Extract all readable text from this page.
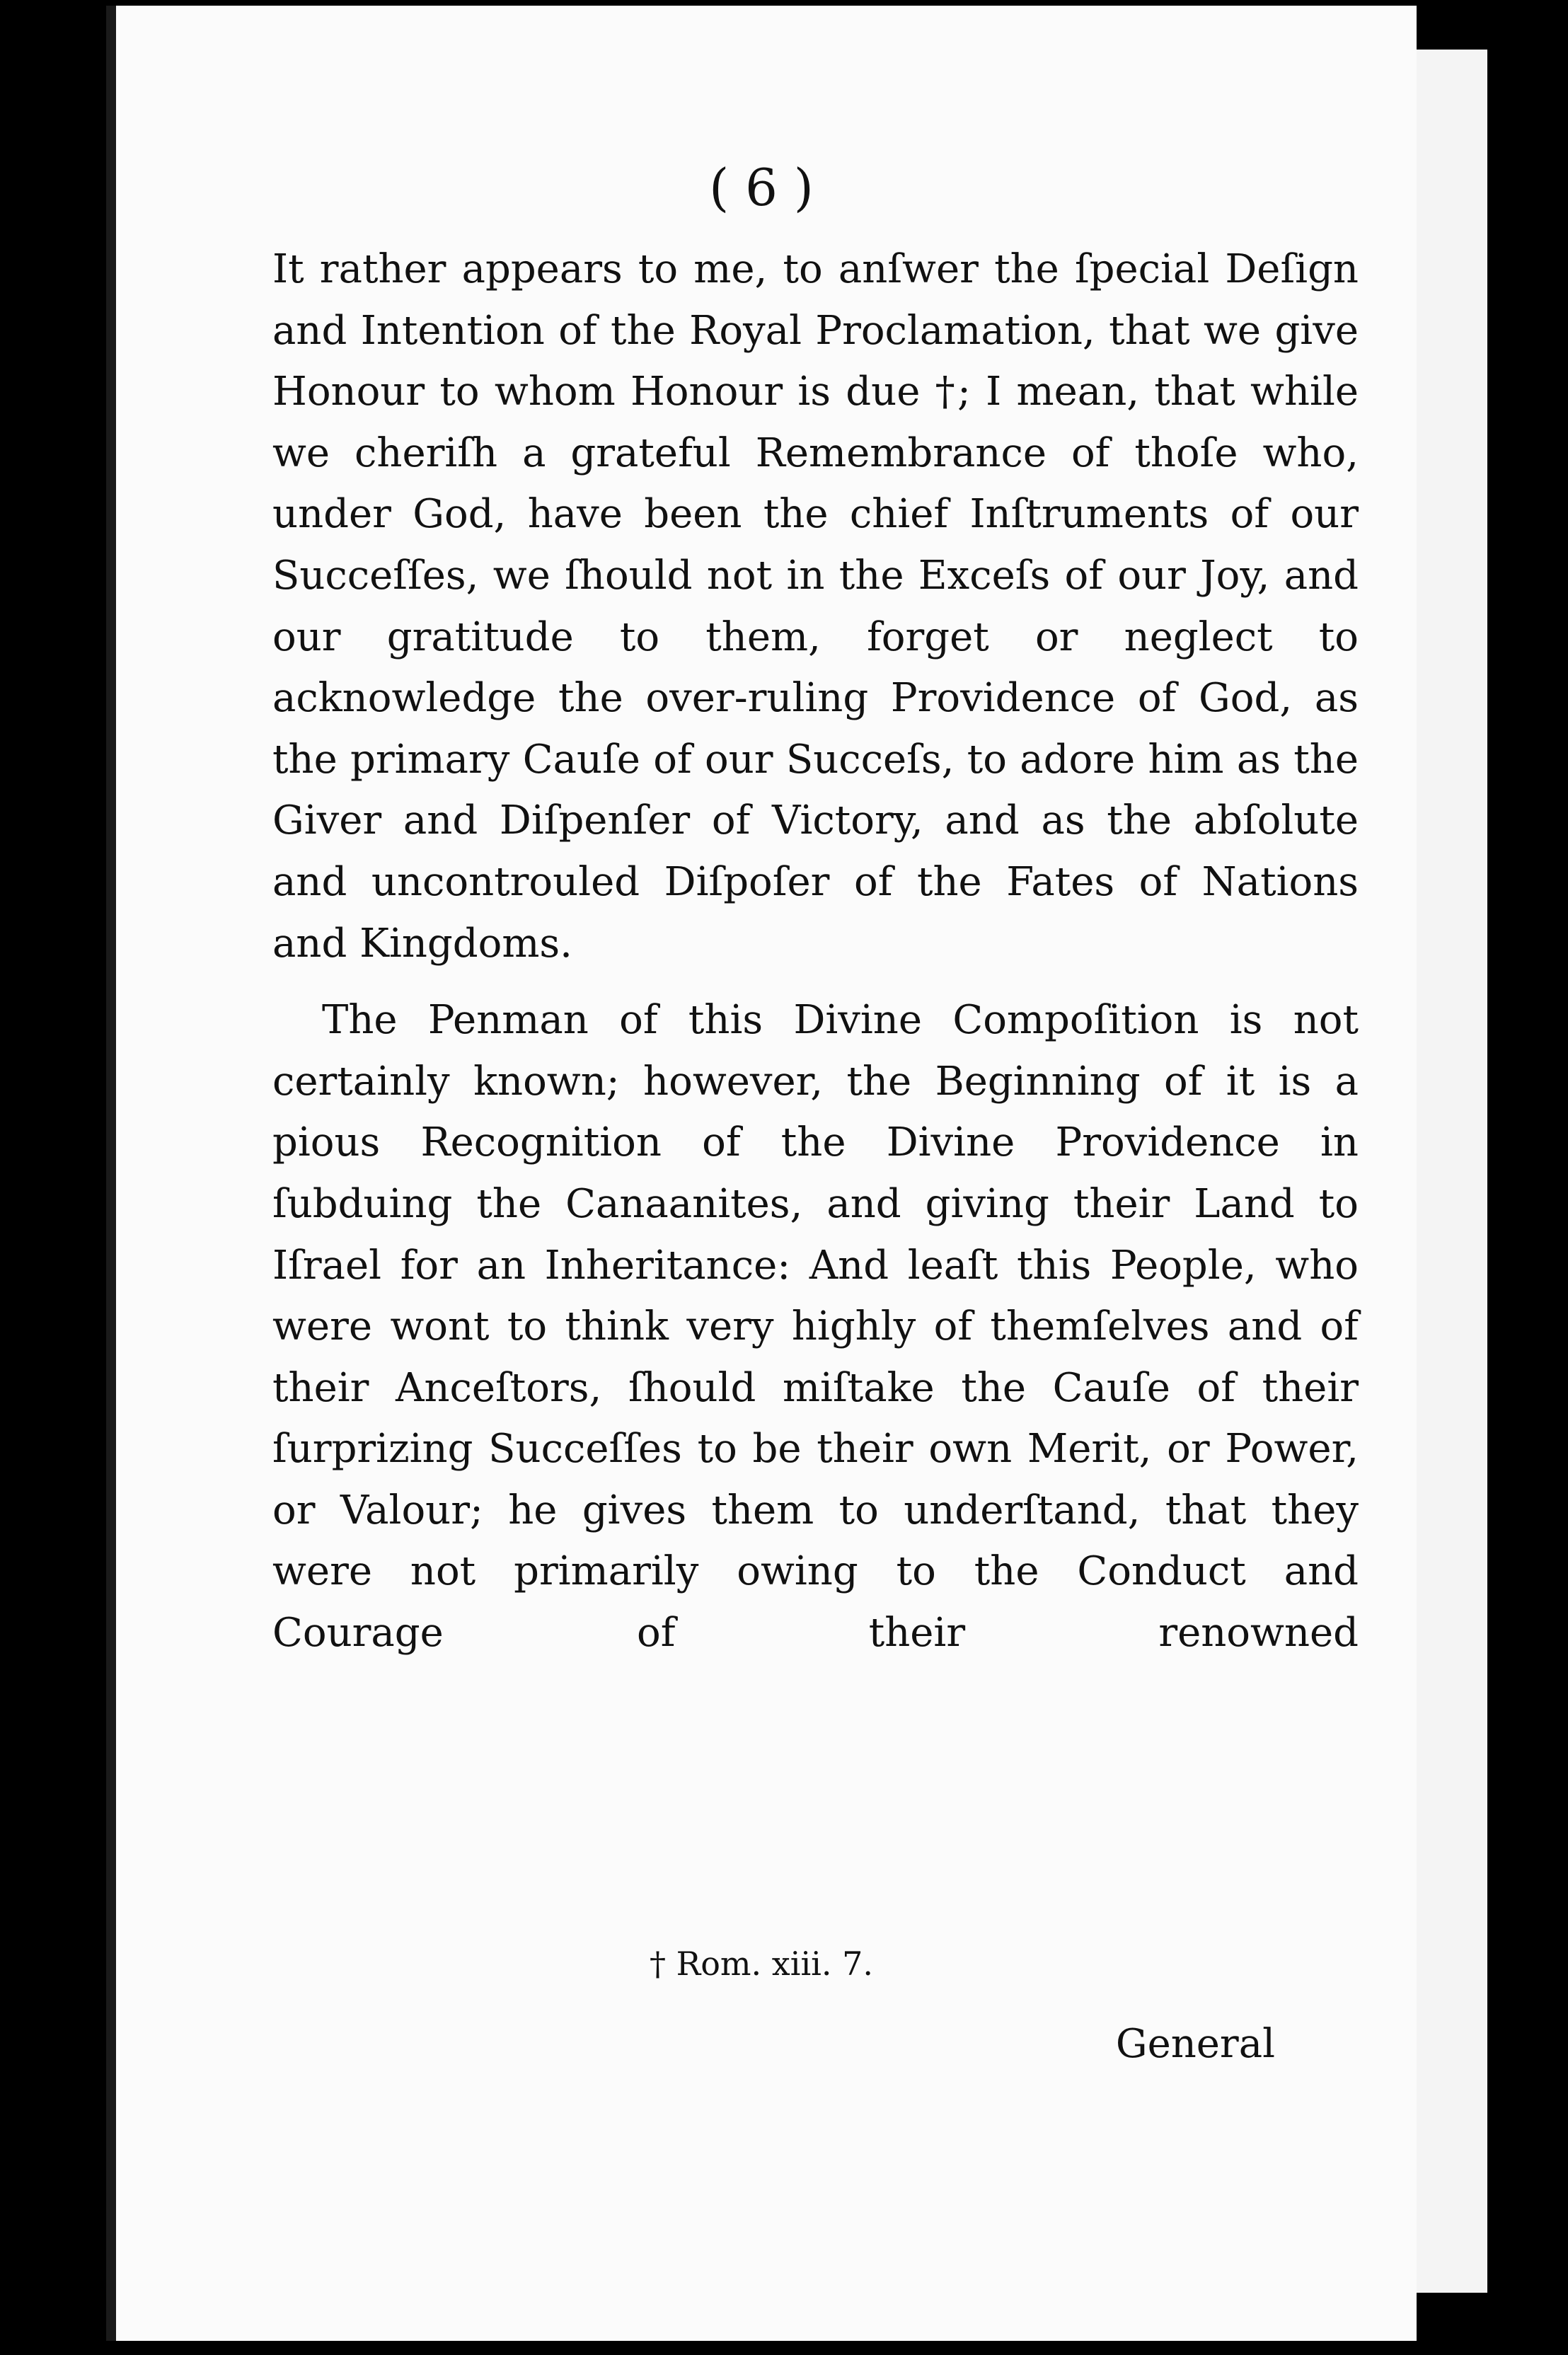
( 6 )

It rather appears to me, to anſwer the ſpecial Deſign and Intention of the Royal Proclamation, that we give Honour to whom Honour is due †; I mean, that while we cheriſh a grateful Remembrance of thoſe who, under God, have been the chief Inſtruments of our Succeſſes, we ſhould not in the Exceſs of our Joy, and our gratitude to them, forget or neglect to acknowledge the over-ruling Providence of God, as the primary Cauſe of our Succeſs, to adore him as the Giver and Diſpenſer of Victory, and as the abſolute and uncontrouled Diſpoſer of the Fates of Nations and Kingdoms.

The Penman of this Divine Compoſition is not certainly known; however, the Beginning of it is a pious Recognition of the Divine Providence in ſubduing the Canaanites, and giving their Land to Iſrael for an Inheritance: And leaſt this People, who were wont to think very highly of themſelves and of their Anceſtors, ſhould miſtake the Cauſe of their ſurprizing Succeſſes to be their own Merit, or Power, or Valour; he gives them to underſtand, that they were not primarily owing to the Conduct and Courage of their renowned

† Rom. xiii. 7.

General
